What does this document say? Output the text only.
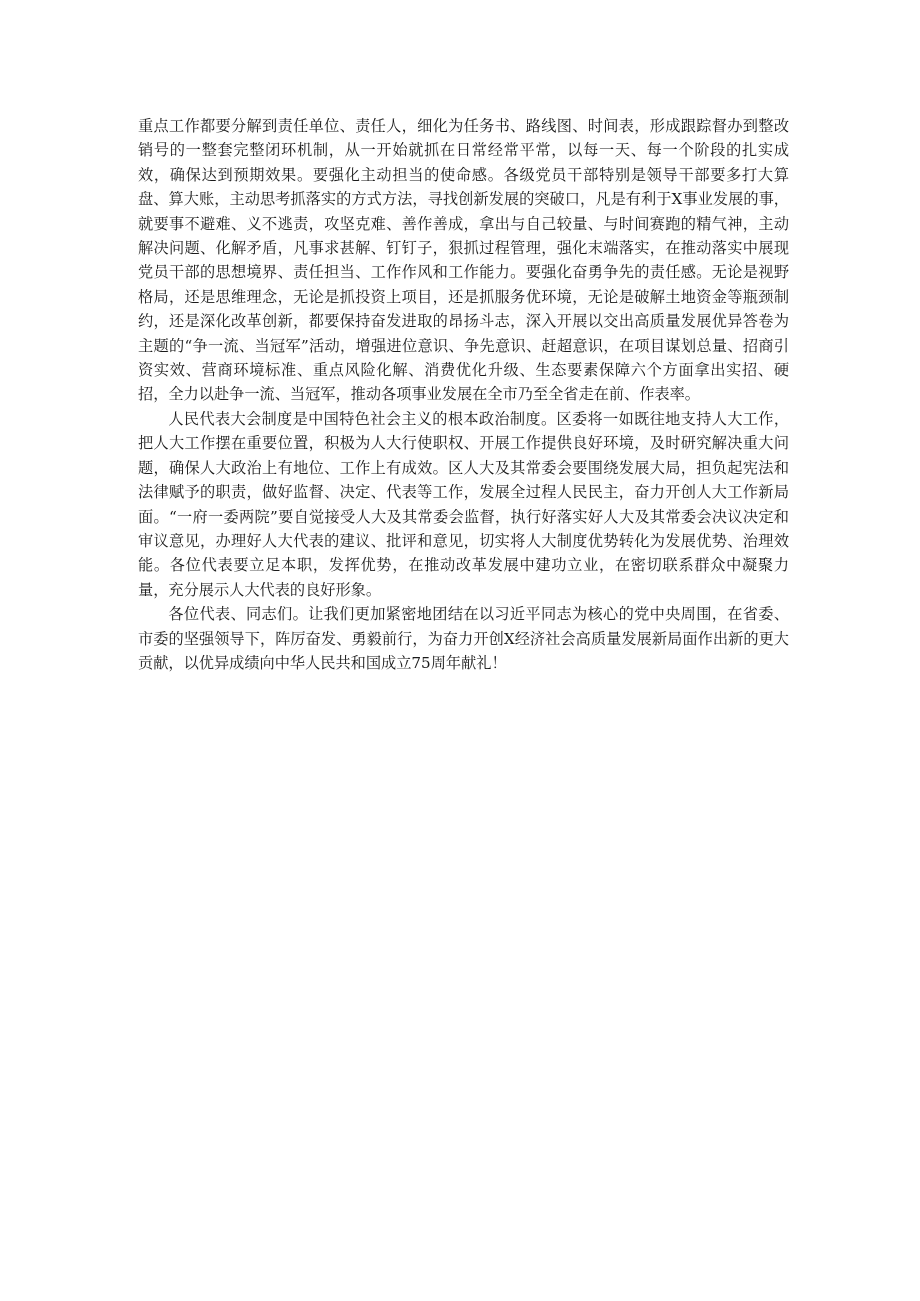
重点工作都要分解到责任单位、责任人，细化为任务书、路线图、时间表，形成跟踪督办到整改销号的一整套完整闭环机制，从一开始就抓在日常经常平常，以每一天、每一个阶段的扎实成效，确保达到预期效果。要强化主动担当的使命感。各级党员干部特别是领导干部要多打大算盘、算大账，主动思考抓落实的方式方法，寻找创新发展的突破口，凡是有利于X事业发展的事，就要事不避难、义不逃责，攻坚克难、善作善成，拿出与自己较量、与时间赛跑的精气神，主动解决问题、化解矛盾，凡事求甚解、钉钉子，狠抓过程管理，强化末端落实，在推动落实中展现党员干部的思想境界、责任担当、工作作风和工作能力。要强化奋勇争先的责任感。无论是视野格局，还是思维理念，无论是抓投资上项目，还是抓服务优环境，无论是破解土地资金等瓶颈制约，还是深化改革创新，都要保持奋发进取的昂扬斗志，深入开展以交出高质量发展优异答卷为主题的“争一流、当冠军”活动，增强进位意识、争先意识、赶超意识，在项目谋划总量、招商引资实效、营商环境标准、重点风险化解、消费优化升级、生态要素保障六个方面拿出实招、硬招，全力以赴争一流、当冠军，推动各项事业发展在全市乃至全省走在前、作表率。

人民代表大会制度是中国特色社会主义的根本政治制度。区委将一如既往地支持人大工作，把人大工作摆在重要位置，积极为人大行使职权、开展工作提供良好环境，及时研究解决重大问题，确保人大政治上有地位、工作上有成效。区人大及其常委会要围绕发展大局，担负起宪法和法律赋予的职责，做好监督、决定、代表等工作，发展全过程人民民主，奋力开创人大工作新局面。“一府一委两院”要自觉接受人大及其常委会监督，执行好落实好人大及其常委会决议决定和审议意见，办理好人大代表的建议、批评和意见，切实将人大制度优势转化为发展优势、治理效能。各位代表要立足本职，发挥优势，在推动改革发展中建功立业，在密切联系群众中凝聚力量，充分展示人大代表的良好形象。

各位代表、同志们。让我们更加紧密地团结在以习近平同志为核心的党中央周围，在省委、市委的坚强领导下，阵厉奋发、勇毅前行，为奋力开创X经济社会高质量发展新局面作出新的更大贡献，以优异成绩向中华人民共和国成立75周年献礼！
